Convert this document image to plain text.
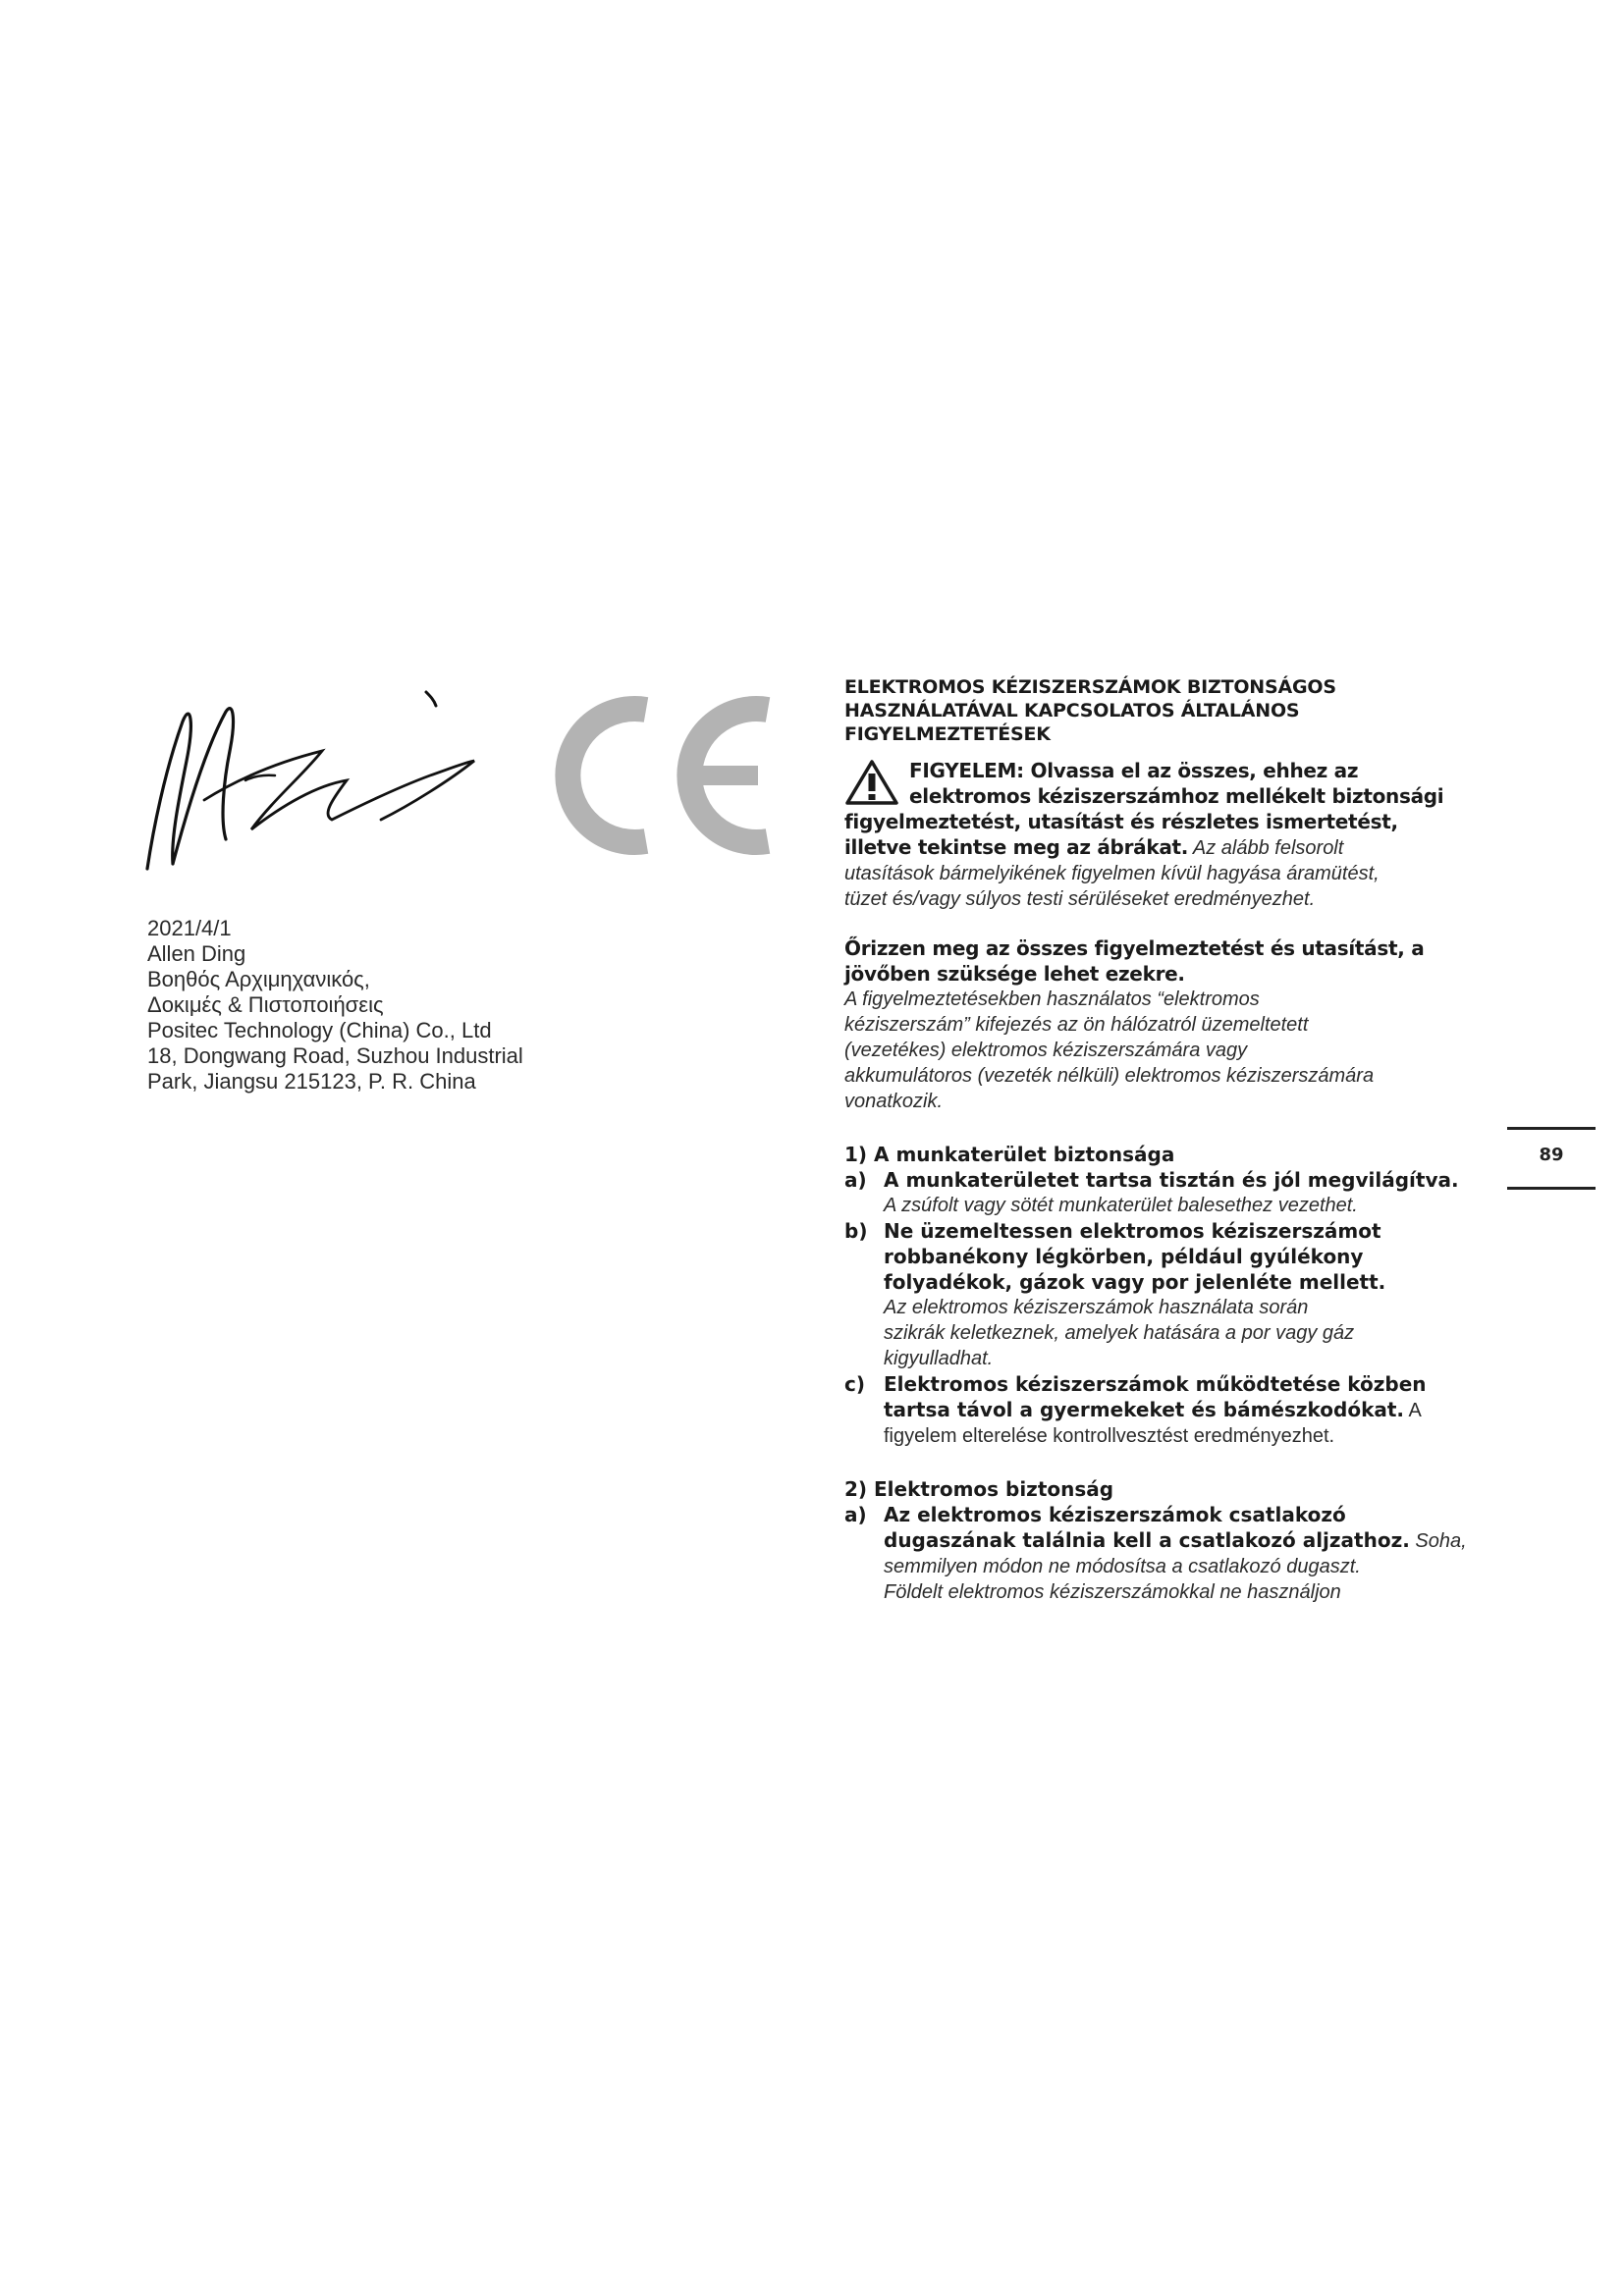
2021/4/1
Allen Ding
Βοηθός Αρχιμηχανικός,
Δοκιμές & Πιστοποιήσεις
Positec Technology (China) Co., Ltd
18, Dongwang Road, Suzhou Industrial
Park, Jiangsu 215123, P. R. China
ELEKTROMOS KÉZISZERSZÁMOK BIZTONSÁGOS
HASZNÁLATÁVAL KAPCSOLATOS ÁLTALÁNOS
FIGYELMEZTETÉSEK
FIGYELEM: Olvassa el az összes, ehhez az
elektromos kéziszerszámhoz mellékelt biztonsági
figyelmeztetést, utasítást és részletes ismertetést,
illetve tekintse meg az ábrákat. Az alább felsorolt
utasítások bármelyikének figyelmen kívül hagyása áramütést,
tüzet és/vagy súlyos testi sérüléseket eredményezhet.
Őrizzen meg az összes figyelmeztetést és utasítást, a
jövőben szüksége lehet ezekre.
A figyelmeztetésekben használatos “elektromos
kéziszerszám” kifejezés az ön hálózatról üzemeltetett
(vezetékes) elektromos kéziszerszámára vagy
akkumulátoros (vezeték nélküli) elektromos kéziszerszámára
vonatkozik.
1) A munkaterület biztonsága
a) A munkaterületet tartsa tisztán és jól megvilágítva.
A zsúfolt vagy sötét munkaterület balesethez vezethet.
b) Ne üzemeltessen elektromos kéziszerszámot
robbanékony légkörben, például gyúlékony
folyadékok, gázok vagy por jelenléte mellett.
Az elektromos kéziszerszámok használata során
szikrák keletkeznek, amelyek hatására a por vagy gáz
kigyulladhat.
c) Elektromos kéziszerszámok működtetése közben
tartsa távol a gyermekeket és bámészkodókat. A
figyelem elterelése kontrollvesztést eredményezhet.
2) Elektromos biztonság
a) Az elektromos kéziszerszámok csatlakozó
dugaszának találnia kell a csatlakozó aljzathoz. Soha,
semmilyen módon ne módosítsa a csatlakozó dugaszt.
Földelt elektromos kéziszerszámokkal ne használjon
89
